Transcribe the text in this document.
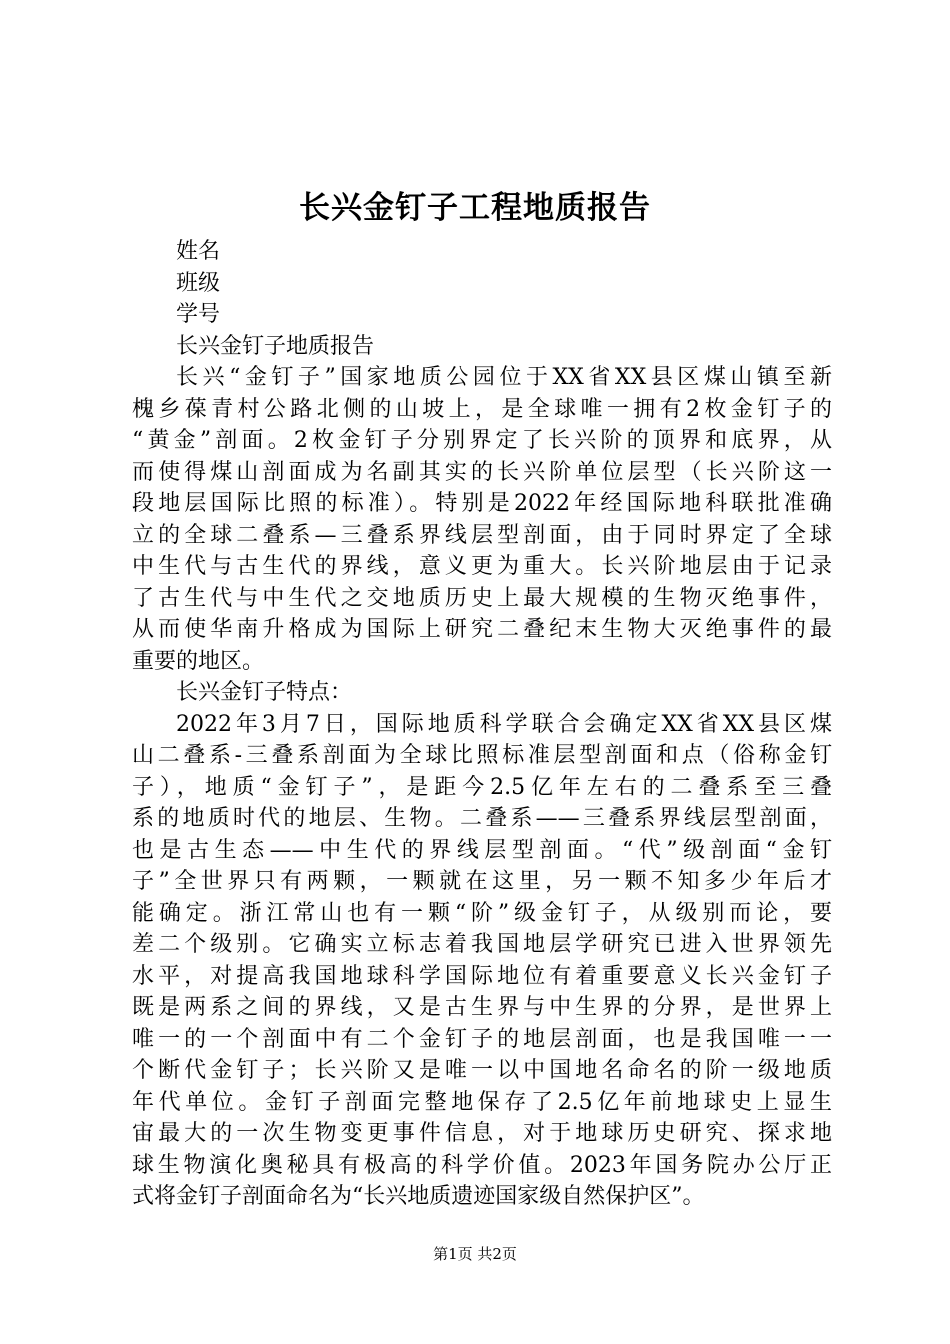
长兴金钉子工程地质报告
姓名
班级
学号
长兴金钉子地质报告
长兴“金钉子”国家地质公园位于XX省XX县区煤山镇至新
槐乡葆青村公路北侧的山坡上，是全球唯一拥有2枚金钉子的
“黄金”剖面。2枚金钉子分别界定了长兴阶的顶界和底界，从
而使得煤山剖面成为名副其实的长兴阶单位层型（长兴阶这一
段地层国际比照的标准）。特别是2022年经国际地科联批准确
立的全球二叠系—三叠系界线层型剖面，由于同时界定了全球
中生代与古生代的界线，意义更为重大。长兴阶地层由于记录
了古生代与中生代之交地质历史上最大规模的生物灭绝事件，
从而使华南升格成为国际上研究二叠纪末生物大灭绝事件的最
重要的地区。
长兴金钉子特点：
2022年3月7日，国际地质科学联合会确定XX省XX县区煤
山二叠系-三叠系剖面为全球比照标准层型剖面和点（俗称金钉
子），地质“金钉子”，是距今2.5亿年左右的二叠系至三叠
系的地质时代的地层、生物。二叠系——三叠系界线层型剖面，
也是古生态——中生代的界线层型剖面。“代”级剖面“金钉
子”全世界只有两颗，一颗就在这里，另一颗不知多少年后才
能确定。浙江常山也有一颗“阶”级金钉子，从级别而论，要
差二个级别。它确实立标志着我国地层学研究已进入世界领先
水平，对提高我国地球科学国际地位有着重要意义长兴金钉子
既是两系之间的界线，又是古生界与中生界的分界，是世界上
唯一的一个剖面中有二个金钉子的地层剖面，也是我国唯一一
个断代金钉子；长兴阶又是唯一以中国地名命名的阶一级地质
年代单位。金钉子剖面完整地保存了2.5亿年前地球史上显生
宙最大的一次生物变更事件信息，对于地球历史研究、探求地
球生物演化奥秘具有极高的科学价值。2023年国务院办公厅正
式将金钉子剖面命名为“长兴地质遗迹国家级自然保护区”。
第1页 共2页
